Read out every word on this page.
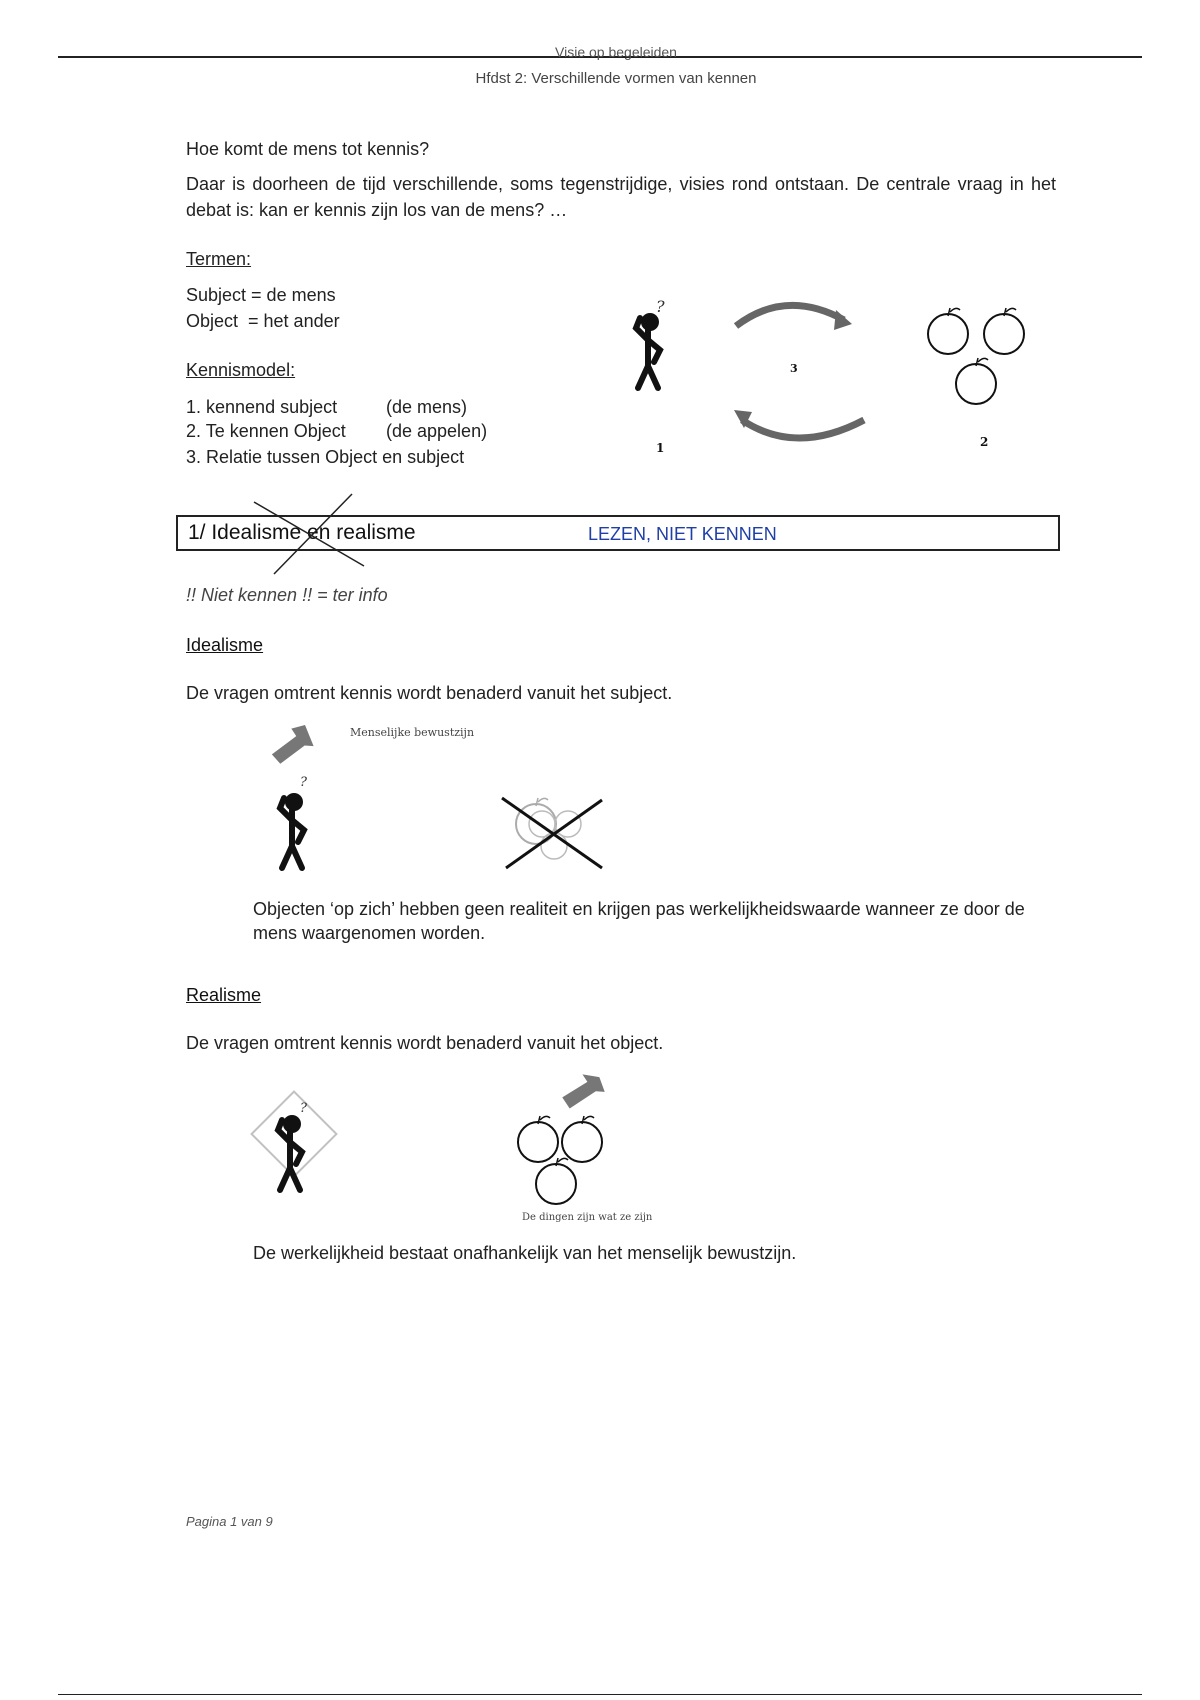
Visie op begeleiden
Hfdst 2: Verschillende vormen van kennen
Hoe komt de mens tot kennis?
Daar is doorheen de tijd verschillende, soms tegenstrijdige, visies rond ontstaan. De centrale vraag in het debat is: kan er kennis zijn los van de mens? …
Termen:
Subject = de mens
Object  = het ander
Kennismodel:
1. kennend subject	(de mens)
2. Te kennen Object (de appelen)
3. Relatie tussen Object en subject
?
1
3
2
1/ Idealisme en realisme	LEZEN, NIET KENNEN
!! Niet kennen !! = ter info
Idealisme
De vragen omtrent kennis wordt benaderd vanuit het subject.
Menselijke bewustzijn
?
Objecten ‘op zich’ hebben geen realiteit en krijgen pas werkelijkheidswaarde wanneer ze door de mens waargenomen worden.
Realisme
De vragen omtrent kennis wordt benaderd vanuit het object.
?
De dingen zijn wat ze zijn
De werkelijkheid bestaat onafhankelijk van het menselijk bewustzijn.
Pagina 1 van 9
